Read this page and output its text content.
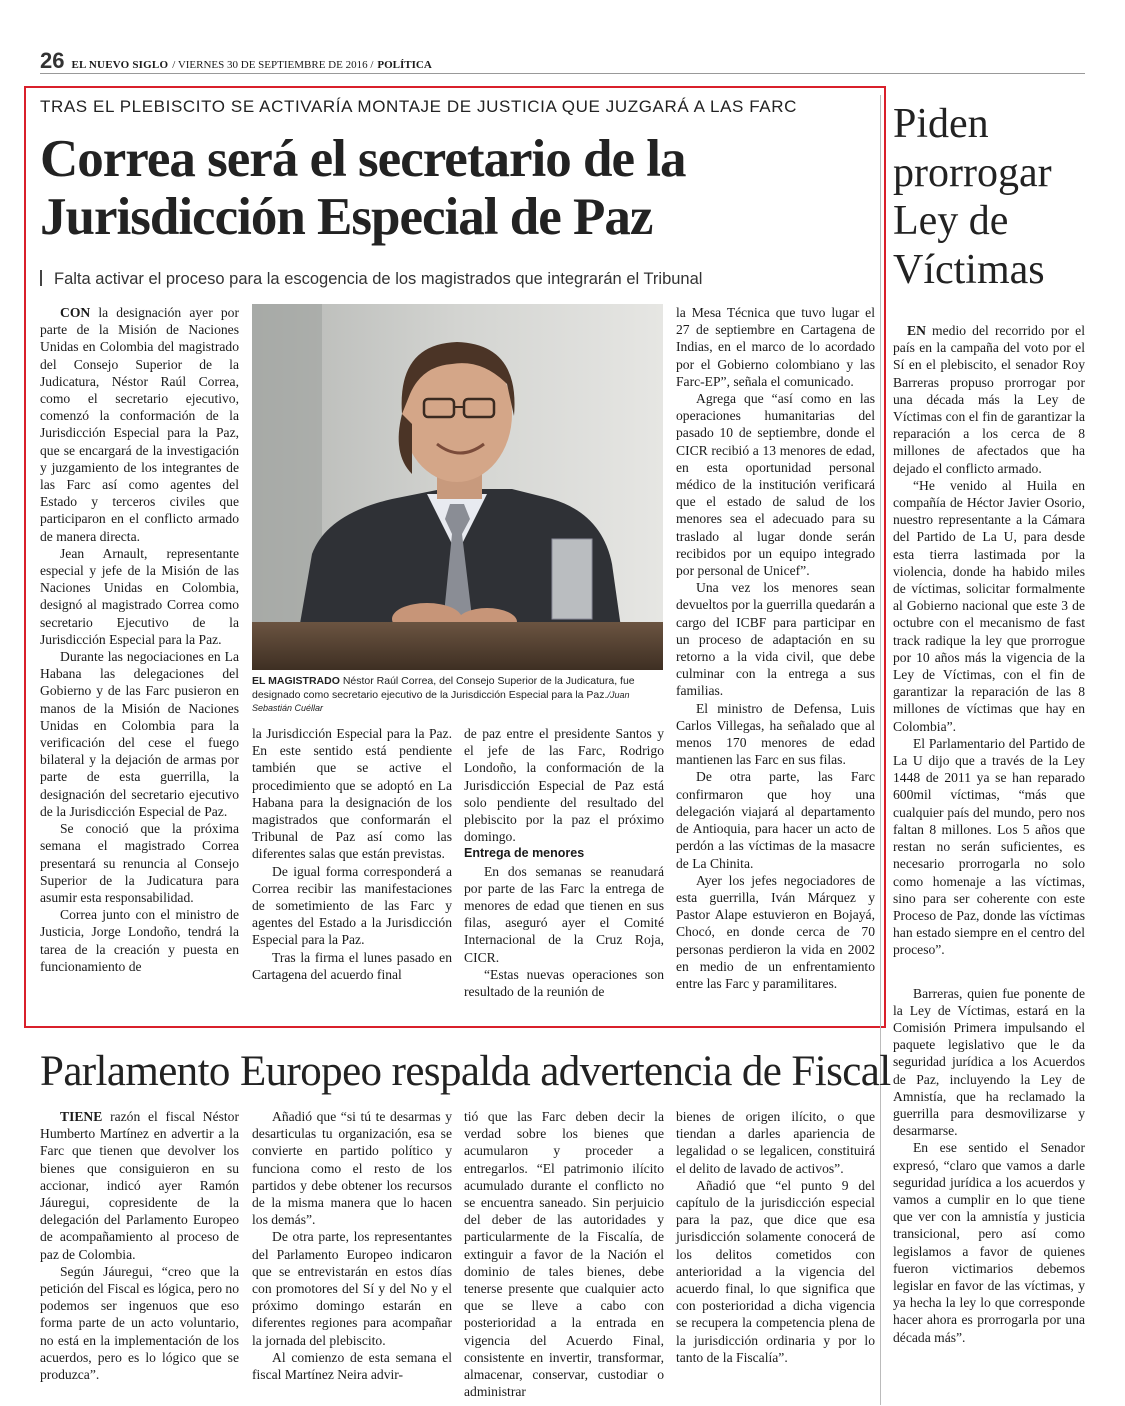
26 EL NUEVO SIGLO / VIERNES 30 DE SEPTIEMBRE DE 2016 / POLÍTICA
TRAS EL PLEBISCITO SE ACTIVARÍA MONTAJE DE JUSTICIA QUE JUZGARÁ A LAS FARC
Correa será el secretario de la Jurisdicción Especial de Paz
Falta activar el proceso para la escogencia de los magistrados que integrarán el Tribunal

CON la designación ayer por parte de la Misión de Naciones Unidas en Colombia del magistrado del Consejo Superior de la Judicatura, Néstor Raúl Correa, como el secretario ejecutivo, comenzó la conformación de la Jurisdicción Especial para la Paz, que se encargará de la investigación y juzgamiento de los integrantes de las Farc así como agentes del Estado y terceros civiles que participaron en el conflicto armado de manera directa.

Jean Arnault, representante especial y jefe de la Misión de las Naciones Unidas en Colombia, designó al magistrado Correa como secretario Ejecutivo de la Jurisdicción Especial para la Paz.

Durante las negociaciones en La Habana las delegaciones del Gobierno y de las Farc pusieron en manos de la Misión de Naciones Unidas en Colombia para la verificación del cese el fuego bilateral y la dejación de armas por parte de esta guerrilla, la designación del secretario ejecutivo de la Jurisdicción Especial de Paz.

Se conoció que la próxima semana el magistrado Correa presentará su renuncia al Consejo Superior de la Judicatura para asumir esta responsabilidad.

Correa junto con el ministro de Justicia, Jorge Londoño, tendrá la tarea de la creación y puesta en funcionamiento de

EL MAGISTRADO Néstor Raúl Correa, del Consejo Superior de la Judicatura, fue designado como secretario ejecutivo de la Jurisdicción Especial para la Paz./Juan Sebastián Cuéllar

la Jurisdicción Especial para la Paz. En este sentido está pendiente también que se active el procedimiento que se adoptó en La Habana para la designación de los magistrados que conformarán el Tribunal de Paz así como las diferentes salas que están previstas.

De igual forma corresponderá a Correa recibir las manifestaciones de sometimiento de las Farc y agentes del Estado a la Jurisdicción Especial para la Paz.

Tras la firma el lunes pasado en Cartagena del acuerdo final

de paz entre el presidente Santos y el jefe de las Farc, Rodrigo Londoño, la conformación de la Jurisdicción Especial de Paz está solo pendiente del resultado del plebiscito por la paz el próximo domingo.

Entrega de menores

En dos semanas se reanudará por parte de las Farc la entrega de menores de edad que tienen en sus filas, aseguró ayer el Comité Internacional de la Cruz Roja, CICR.

“Estas nuevas operaciones son resultado de la reunión de

la Mesa Técnica que tuvo lugar el 27 de septiembre en Cartagena de Indias, en el marco de lo acordado por el Gobierno colombiano y las Farc-EP”, señala el comunicado.

Agrega que “así como en las operaciones humanitarias del pasado 10 de septiembre, donde el CICR recibió a 13 menores de edad, en esta oportunidad personal médico de la institución verificará que el estado de salud de los menores sea el adecuado para su traslado al lugar donde serán recibidos por un equipo integrado por personal de Unicef”.

Una vez los menores sean devueltos por la guerrilla quedarán a cargo del ICBF para participar en un proceso de adaptación en su retorno a la vida civil, que debe culminar con la entrega a sus familias.

El ministro de Defensa, Luis Carlos Villegas, ha señalado que al menos 170 menores de edad mantienen las Farc en sus filas.

De otra parte, las Farc confirmaron que hoy una delegación viajará al departamento de Antioquia, para hacer un acto de perdón a las víctimas de la masacre de La Chinita.

Ayer los jefes negociadores de esta guerrilla, Iván Márquez y Pastor Alape estuvieron en Bojayá, Chocó, en donde cerca de 70 personas perdieron la vida en 2002 en medio de un enfrentamiento entre las Farc y paramilitares.

Piden prorrogar Ley de Víctimas

EN medio del recorrido por el país en la campaña del voto por el Sí en el plebiscito, el senador Roy Barreras propuso prorrogar por una década más la Ley de Víctimas con el fin de garantizar la reparación a los cerca de 8 millones de afectados que ha dejado el conflicto armado.

“He venido al Huila en compañía de Héctor Javier Osorio, nuestro representante a la Cámara del Partido de La U, para desde esta tierra lastimada por la violencia, donde ha habido miles de víctimas, solicitar formalmente al Gobierno nacional que este 3 de octubre con el mecanismo de fast track radique la ley que prorrogue por 10 años más la vigencia de la Ley de Víctimas, con el fin de garantizar la reparación de las 8 millones de víctimas que hay en Colombia”.

El Parlamentario del Partido de La U dijo que a través de la Ley 1448 de 2011 ya se han reparado 600mil víctimas, “más que cualquier país del mundo, pero nos faltan 8 millones. Los 5 años que restan no serán suficientes, es necesario prorrogarla no solo como homenaje a las víctimas, sino para ser coherente con este Proceso de Paz, donde las víctimas han estado siempre en el centro del proceso”.

Barreras, quien fue ponente de la Ley de Víctimas, estará en la Comisión Primera impulsando el paquete legislativo que le da seguridad jurídica a los Acuerdos de Paz, incluyendo la Ley de Amnistía, que ha reclamado la guerrilla para desmovilizarse y desarmarse.

En ese sentido el Senador expresó, “claro que vamos a darle seguridad jurídica a los acuerdos y vamos a cumplir en lo que tiene que ver con la amnistía y justicia transicional, pero así como legislamos a favor de quienes fueron victimarios debemos legislar en favor de las víctimas, y ya hecha la ley lo que corresponde hacer ahora es prorrogarla por una década más”.

Parlamento Europeo respalda advertencia de Fiscal

TIENE razón el fiscal Néstor Humberto Martínez en advertir a la Farc que tienen que devolver los bienes que consiguieron en su accionar, indicó ayer Ramón Jáuregui, copresidente de la delegación del Parlamento Europeo de acompañamiento al proceso de paz de Colombia.

Según Jáuregui, “creo que la petición del Fiscal es lógica, pero no podemos ser ingenuos que eso forma parte de un acto voluntario, no está en la implementación de los acuerdos, pero es lo lógico que se produzca”.

Añadió que “si tú te desarmas y desarticulas tu organización, esa se convierte en partido político y funciona como el resto de los partidos y debe obtener los recursos de la misma manera que lo hacen los demás”.

De otra parte, los representantes del Parlamento Europeo indicaron que se entrevistarán en estos días con promotores del Sí y del No y el próximo domingo estarán en diferentes regiones para acompañar la jornada del plebiscito.

Al comienzo de esta semana el fiscal Martínez Neira advir-

tió que las Farc deben decir la verdad sobre los bienes que acumularon y proceder a entregarlos. “El patrimonio ilícito acumulado durante el conflicto no se encuentra saneado. Sin perjuicio del deber de las autoridades y particularmente de la Fiscalía, de extinguir a favor de la Nación el dominio de tales bienes, debe tenerse presente que cualquier acto que se lleve a cabo con posterioridad a la entrada en vigencia del Acuerdo Final, consistente en invertir, transformar, almacenar, conservar, custodiar o administrar

bienes de origen ilícito, o que tiendan a darles apariencia de legalidad o se legalicen, constituirá el delito de lavado de activos”.

Añadió que “el punto 9 del capítulo de la jurisdicción especial para la paz, que dice que esa jurisdicción solamente conocerá de los delitos cometidos con anterioridad a la vigencia del acuerdo final, lo que significa que con posterioridad a dicha vigencia se recupera la competencia plena de la jurisdicción ordinaria y por lo tanto de la Fiscalía”.
